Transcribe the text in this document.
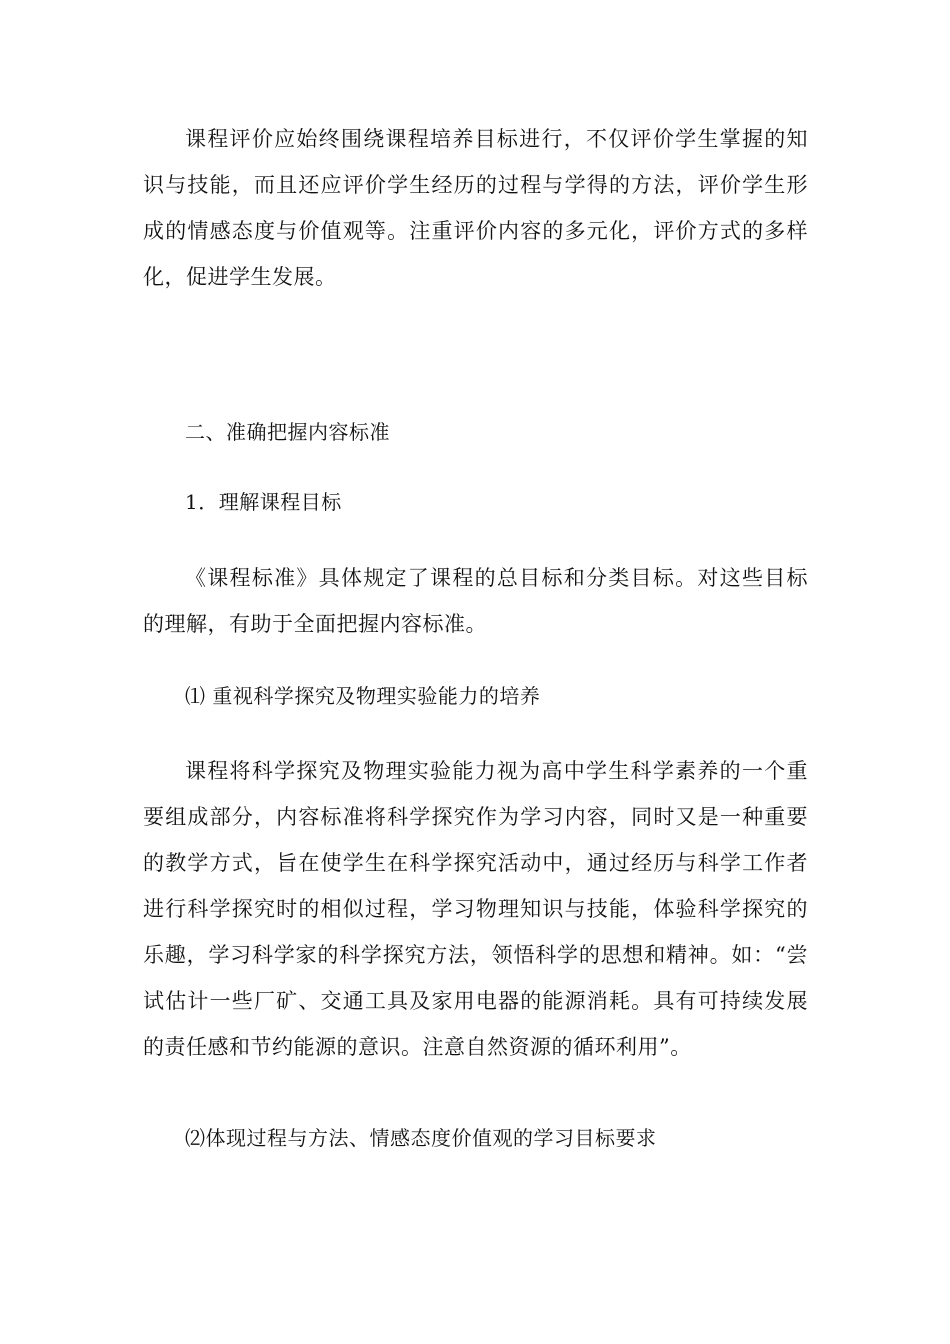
课程评价应始终围绕课程培养目标进行，不仅评价学生掌握的知识与技能，而且还应评价学生经历的过程与学得的方法，评价学生形成的情感态度与价值观等。注重评价内容的多元化，评价方式的多样化，促进学生发展。

二、准确把握内容标准

1．理解课程目标

《课程标准》具体规定了课程的总目标和分类目标。对这些目标的理解，有助于全面把握内容标准。

⑴ 重视科学探究及物理实验能力的培养

课程将科学探究及物理实验能力视为高中学生科学素养的一个重要组成部分，内容标准将科学探究作为学习内容，同时又是一种重要的教学方式，旨在使学生在科学探究活动中，通过经历与科学工作者进行科学探究时的相似过程，学习物理知识与技能，体验科学探究的乐趣，学习科学家的科学探究方法，领悟科学的思想和精神。如：“尝试估计一些厂矿、交通工具及家用电器的能源消耗。具有可持续发展的责任感和节约能源的意识。注意自然资源的循环利用”。

⑵体现过程与方法、情感态度价值观的学习目标要求
